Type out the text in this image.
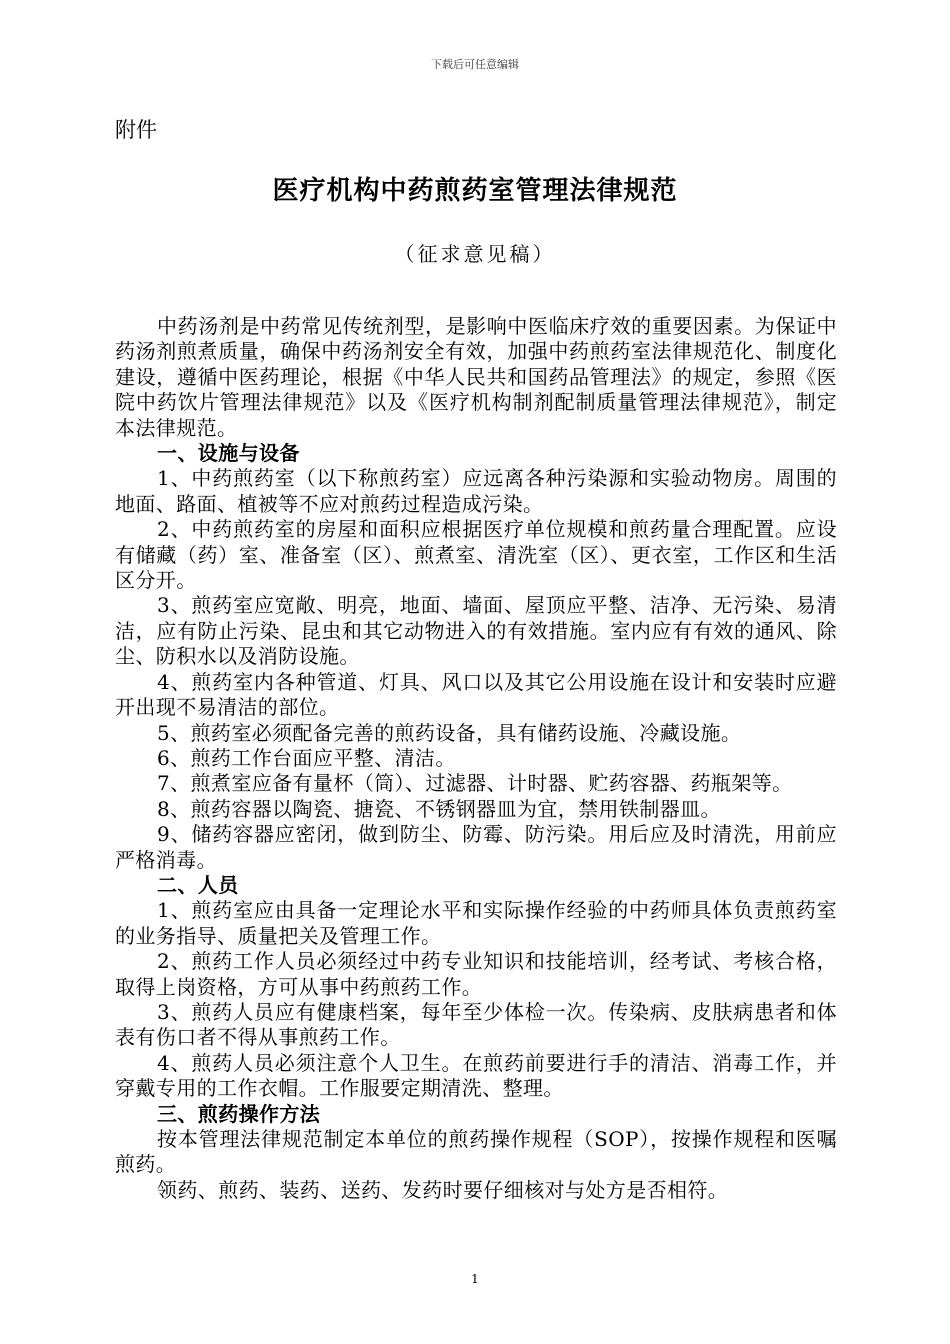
下载后可任意编辑
附件
医疗机构中药煎药室管理法律规范
（征求意见稿）

中药汤剂是中药常见传统剂型，是影响中医临床疗效的重要因素。为保证中药汤剂煎煮质量，确保中药汤剂安全有效，加强中药煎药室法律规范化、制度化建设，遵循中医药理论，根据《中华人民共和国药品管理法》的规定，参照《医院中药饮片管理法律规范》以及《医疗机构制剂配制质量管理法律规范》，制定本法律规范。

一、设施与设备

1、中药煎药室（以下称煎药室）应远离各种污染源和实验动物房。周围的地面、路面、植被等不应对煎药过程造成污染。

2、中药煎药室的房屋和面积应根据医疗单位规模和煎药量合理配置。应设有储藏（药）室、准备室（区）、煎煮室、清洗室（区）、更衣室，工作区和生活区分开。

3、煎药室应宽敞、明亮，地面、墙面、屋顶应平整、洁净、无污染、易清洁，应有防止污染、昆虫和其它动物进入的有效措施。室内应有有效的通风、除尘、防积水以及消防设施。

4、煎药室内各种管道、灯具、风口以及其它公用设施在设计和安装时应避开出现不易清洁的部位。

5、煎药室必须配备完善的煎药设备，具有储药设施、冷藏设施。

6、煎药工作台面应平整、清洁。

7、煎煮室应备有量杯（筒）、过滤器、计时器、贮药容器、药瓶架等。

8、煎药容器以陶瓷、搪瓷、不锈钢器皿为宜，禁用铁制器皿。

9、储药容器应密闭，做到防尘、防霉、防污染。用后应及时清洗，用前应严格消毒。

二、人员

1、煎药室应由具备一定理论水平和实际操作经验的中药师具体负责煎药室的业务指导、质量把关及管理工作。

2、煎药工作人员必须经过中药专业知识和技能培训，经考试、考核合格，取得上岗资格，方可从事中药煎药工作。

3、煎药人员应有健康档案，每年至少体检一次。传染病、皮肤病患者和体表有伤口者不得从事煎药工作。

4、煎药人员必须注意个人卫生。在煎药前要进行手的清洁、消毒工作，并穿戴专用的工作衣帽。工作服要定期清洗、整理。

三、煎药操作方法

按本管理法律规范制定本单位的煎药操作规程（SOP），按操作规程和医嘱煎药。

领药、煎药、装药、送药、发药时要仔细核对与处方是否相符。

1
